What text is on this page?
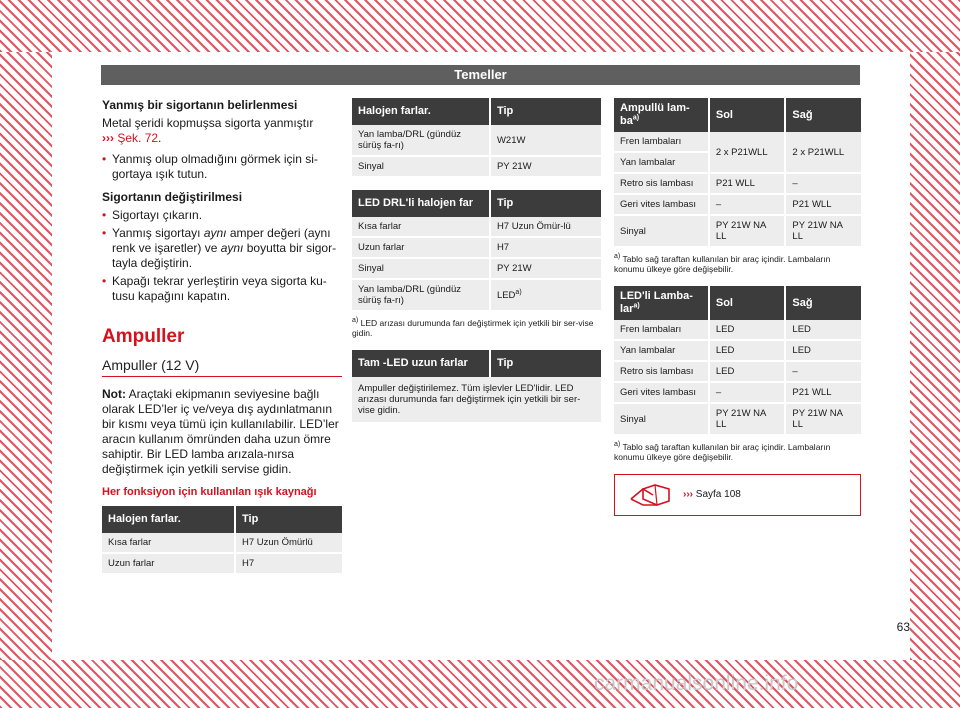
Temeller

Yanmış bir sigortanın belirlenmesi

Metal şeridi kopmuşsa sigorta yanmıştır
››› Şek. 72.

• Yanmış olup olmadığını görmek için si-gortaya ışık tutun.

Sigortanın değiştirilmesi

• Sigortayı çıkarın.

• Yanmış sigortayı aynı amper değeri (aynı renk ve işaretler) ve aynı boyutta bir sigor-tayla değiştirin.

• Kapağı tekrar yerleştirin veya sigorta ku-tusu kapağını kapatın.

Ampuller
Ampuller (12 V)

Not: Araçtaki ekipmanın seviyesine bağlı olarak LED’ler iç ve/veya dış aydınlatmanın bir kısmı veya tümü için kullanılabilir. LED’ler aracın kullanım ömründen daha uzun ömre sahiptir. Bir LED lamba arızala-nırsa değiştirmek için yetkili servise gidin.

Her fonksiyon için kullanılan ışık kaynağı
Halojen farlar.	Tip
Kısa farlar	H7 Uzun Ömürlü
Uzun farlar	H7
Halojen farlar.	Tip
Yan lamba/DRL (gündüz sürüş fa-rı)	W21W
Sinyal	PY 21W
LED DRL'li halojen far	Tip
Kısa farlar	H7 Uzun Ömür-lü
Uzun farlar	H7
Sinyal	PY 21W
Yan lamba/DRL (gündüz sürüş fa-rı)	LED$^{a)}$

$^{a)}$ LED arızası durumunda farı değiştirmek için yetkili bir ser-vise gidin.

Tam -LED uzun farlar	Tip
Ampuller değiştirilemez. Tüm işlevler LED'lidir. LED arızası durumunda farı değiştirmek için yetkili bir ser-vise gidin.
Ampullü lam-$ba^{a)}$	Sol	Sağ
Fren lambaları	2 x P21WLL	2 x P21WLL
Yan lambalar		
Retro sis lambası	P21 WLL	–
Geri vites lambası	–	P21 WLL
Sinyal	PY 21W NA LL	PY 21W NA LL

$^{a)}$ Tablo sağ taraftan kullanılan bir araç içindir. Lambaların konumu ülkeye göre değişebilir.

LED'li Lamba-lar$^{a)}$	Sol	Sağ
Fren lambaları	LED	LED
Yan lambalar	LED	LED
Retro sis lambası	LED	–
Geri vites lambası	–	P21 WLL
Sinyal	PY 21W NA LL	PY 21W NA LL

$^{a)}$ Tablo sağ taraftan kullanılan bir araç içindir. Lambaların konumu ülkeye göre değişebilir.

››› Sayfa 108
63
carmanualsonline.info
